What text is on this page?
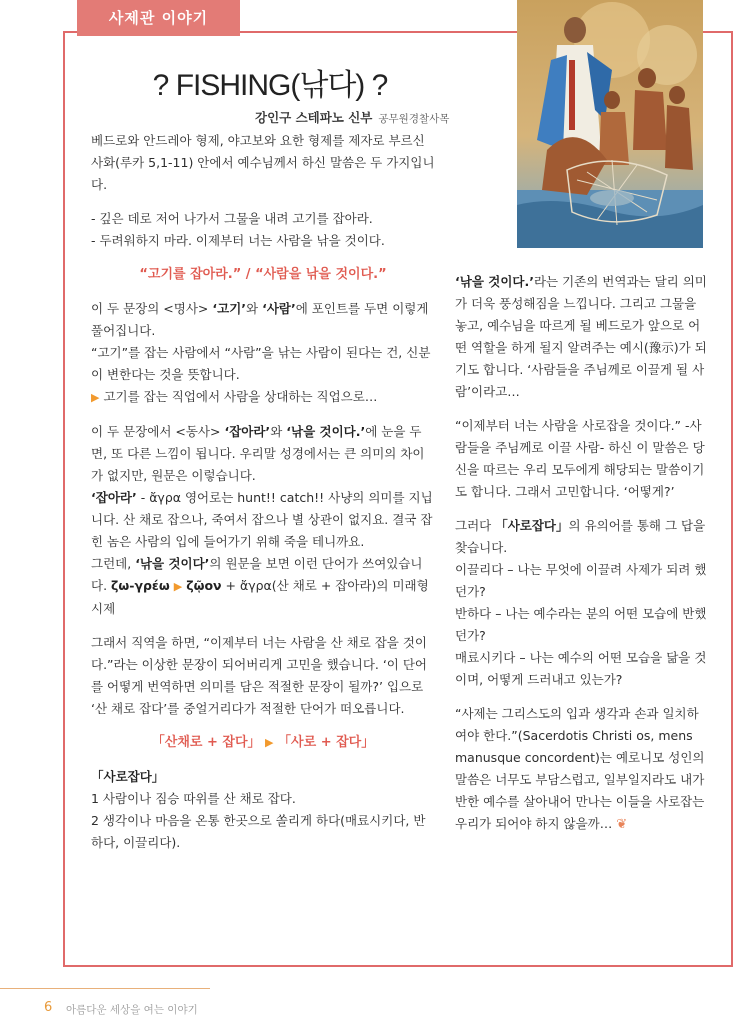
사제관 이야기
? FISHING(낚다) ?
강인구 스테파노 신부 공무원경찰사목

베드로와 안드레아 형제, 야고보와 요한 형제를 제자로 부르신 사화(루카 5,1-11) 안에서 예수님께서 하신 말씀은 두 가지입니다.

- 깊은 데로 저어 나가서 그물을 내려 고기를 잡아라.

- 두려워하지 마라. 이제부터 너는 사람을 낚을 것이다.

“고기를 잡아라.” / “사람을 낚을 것이다.”

이 두 문장의 <명사> ‘고기’와 ‘사람’에 포인트를 두면 이렇게 풀어집니다.

“고기”를 잡는 사람에서 “사람”을 낚는 사람이 된다는 건, 신분이 변한다는 것을 뜻합니다.

▶ 고기를 잡는 직업에서 사람을 상대하는 직업으로…

이 두 문장에서 <동사> ‘잡아라’와 ‘낚을 것이다.’에 눈을 두면, 또 다른 느낌이 됩니다. 우리말 성경에서는 큰 의미의 차이가 없지만, 원문은 이렇습니다.

‘잡아라’ - ἄγρα 영어로는 hunt!! catch!! 사냥의 의미를 지닙니다. 산 채로 잡으나, 죽여서 잡으나 별 상관이 없지요. 결국 잡힌 놈은 사람의 입에 들어가기 위해 죽을 테니까요.

그런데, ‘낚을 것이다’의 원문을 보면 이런 단어가 쓰여있습니다. ζω-γρέω ▶ ζῷον + ἄγρα(산 채로 + 잡아라)의 미래형 시제

그래서 직역을 하면, “이제부터 너는 사람을 산 채로 잡을 것이다.”라는 이상한 문장이 되어버리게 고민을 했습니다. ‘이 단어를 어떻게 번역하면 의미를 담은 적절한 문장이 될까?’ 입으로 ‘산 채로 잡다’를 중얼거리다가 적절한 단어가 떠오릅니다.

「산채로 + 잡다」 ▶ 「사로 + 잡다」

「사로잡다」

1 사람이나 짐승 따위를 산 채로 잡다.

2 생각이나 마음을 온통 한곳으로 쏠리게 하다(매료시키다, 반하다, 이끌리다).

‘낚을 것이다.’라는 기존의 번역과는 달리 의미가 더욱 풍성해짐을 느낍니다. 그리고 그물을 놓고, 예수님을 따르게 될 베드로가 앞으로 어떤 역할을 하게 될지 알려주는 예시(豫示)가 되기도 합니다. ‘사람들을 주님께로 이끌게 될 사람’이라고…

“이제부터 너는 사람을 사로잡을 것이다.” -사람들을 주님께로 이끌 사람- 하신 이 말씀은 당신을 따르는 우리 모두에게 해당되는 말씀이기도 합니다. 그래서 고민합니다. ‘어떻게?’

그러다 「사로잡다」의 유의어를 통해 그 답을 찾습니다.

이끌리다 – 나는 무엇에 이끌려 사제가 되려 했던가?

반하다 – 나는 예수라는 분의 어떤 모습에 반했던가?

매료시키다 – 나는 예수의 어떤 모습을 닮을 것이며, 어떻게 드러내고 있는가?

“사제는 그리스도의 입과 생각과 손과 일치하여야 한다.”(Sacerdotis Christi os, mens manusque concordent)는 예로니모 성인의 말씀은 너무도 부담스럽고, 일부일지라도 내가 반한 예수를 살아내어 만나는 이들을 사로잡는 우리가 되어야 하지 않을까… ❦

6 아름다운 세상을 여는 이야기
